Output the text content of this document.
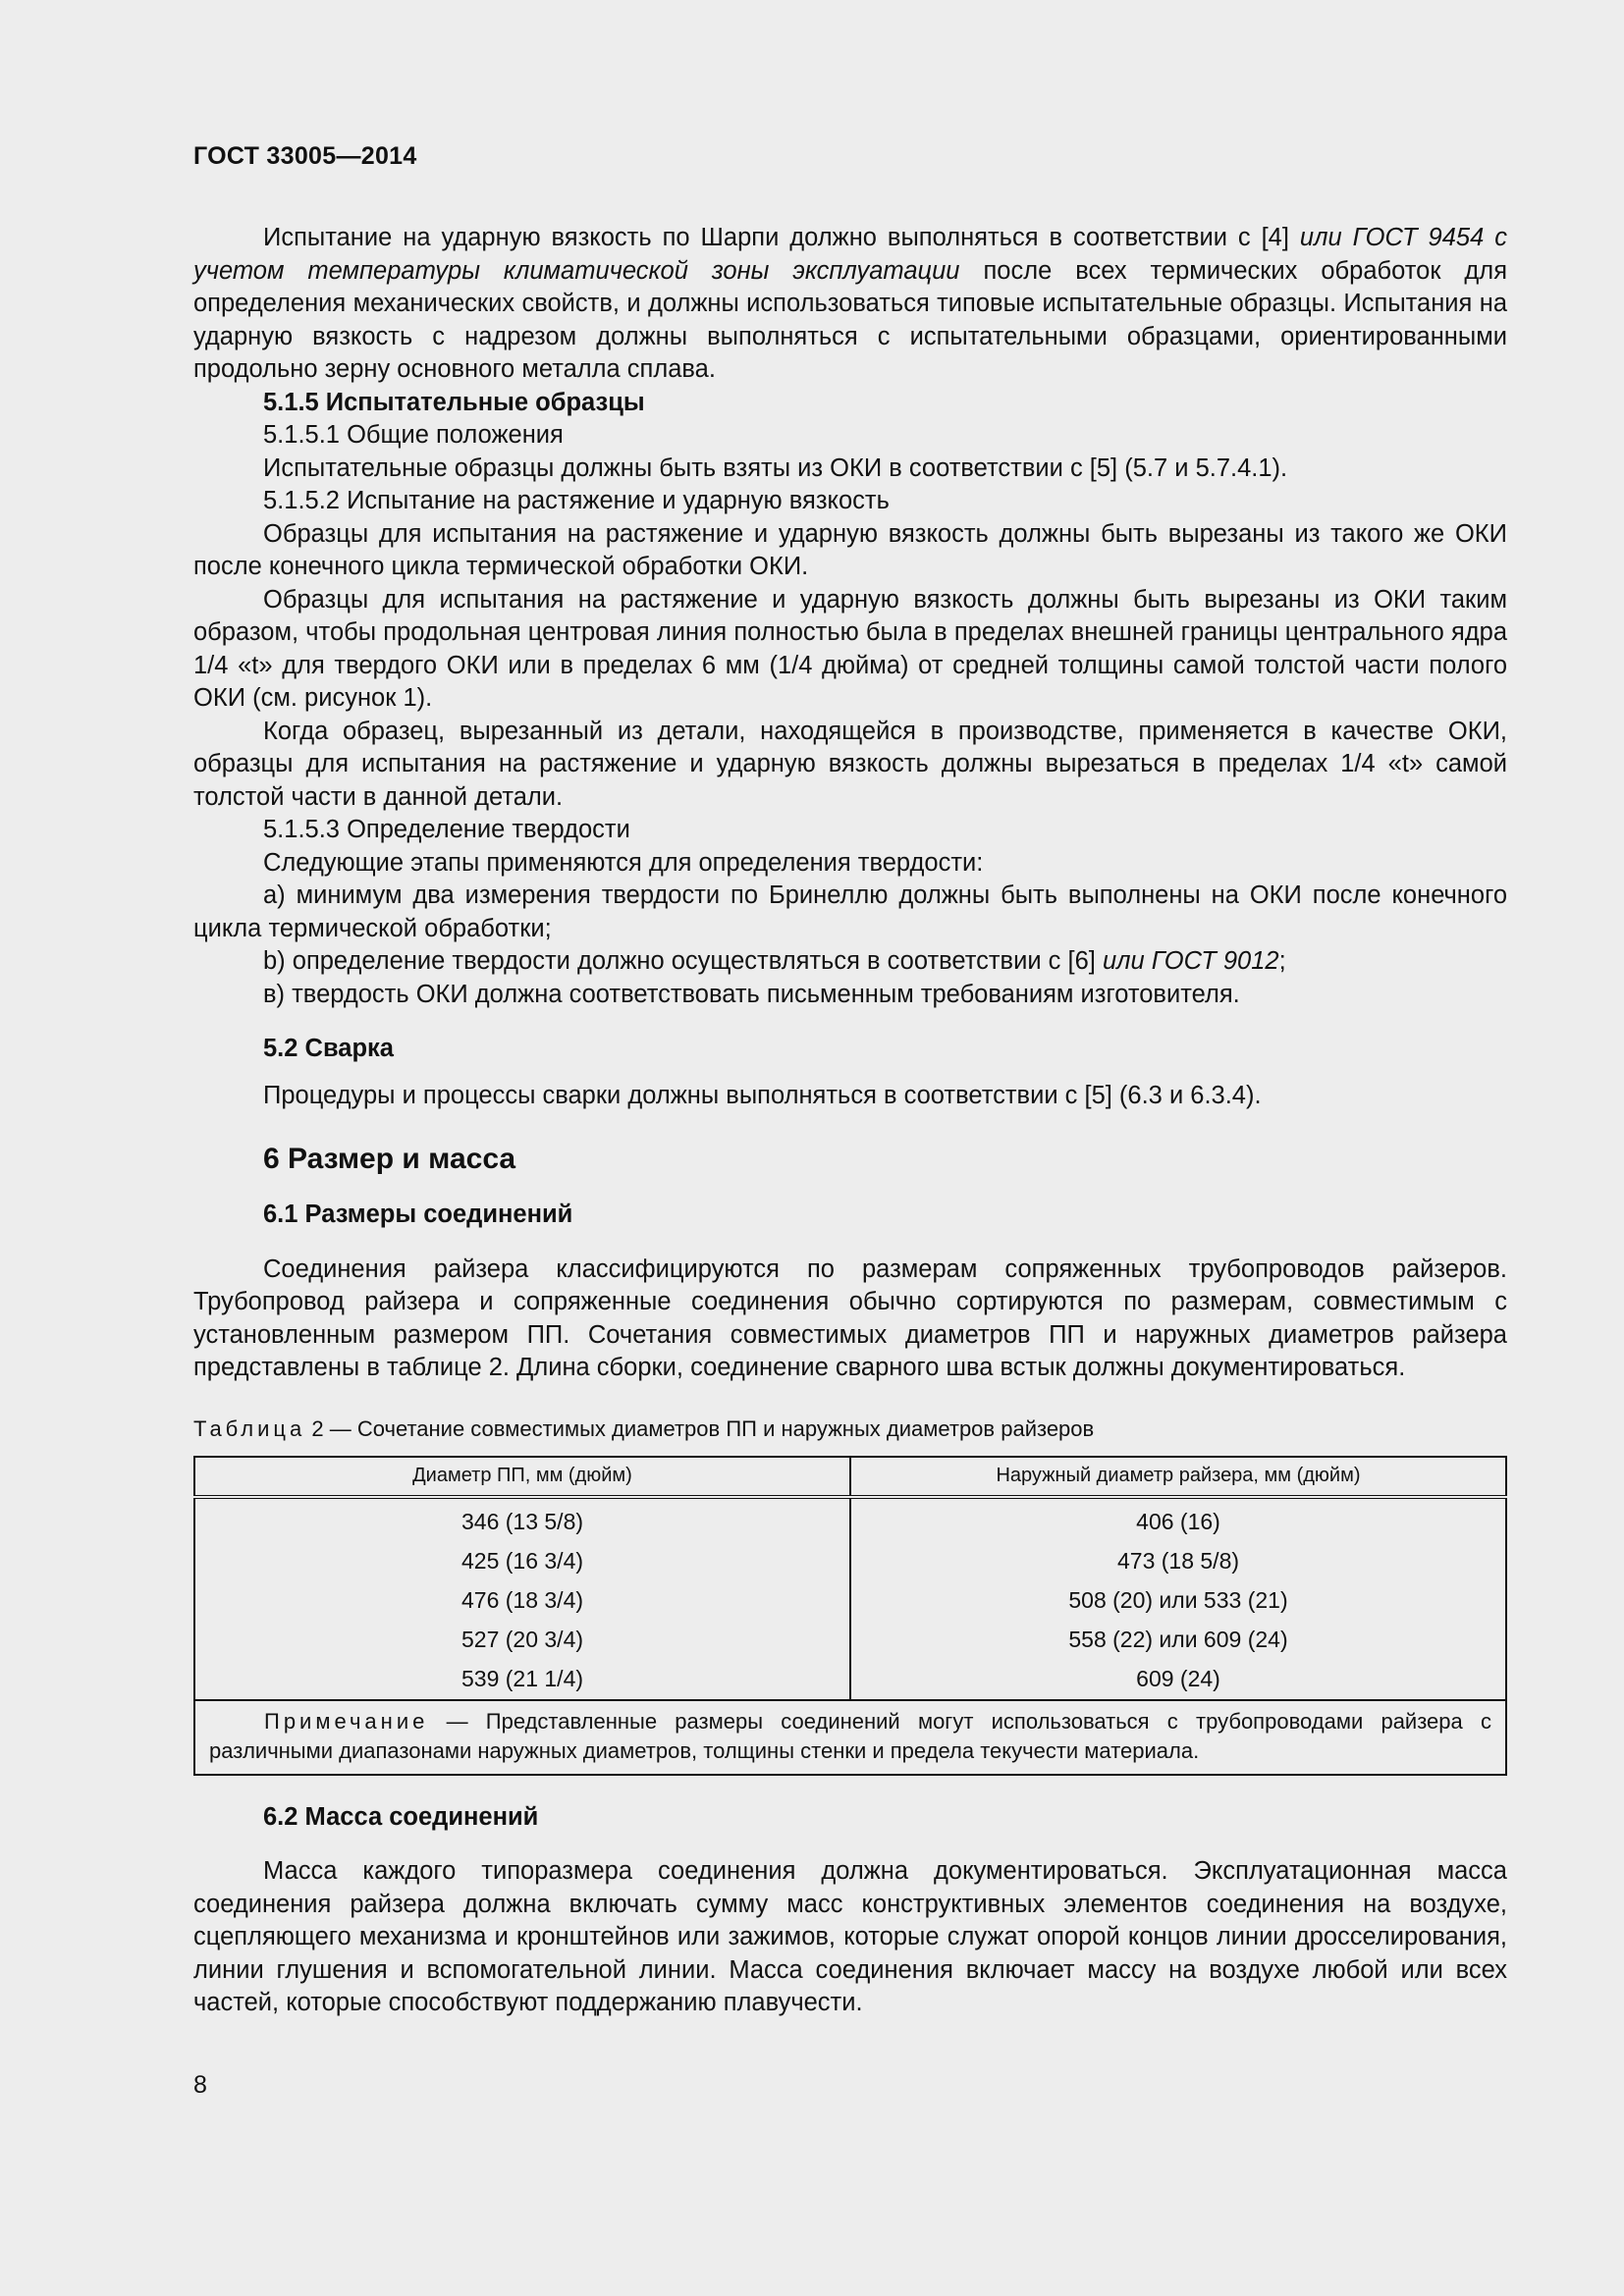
ГОСТ 33005—2014

Испытание на ударную вязкость по Шарпи должно выполняться в соответствии с [4] или ГОСТ 9454 с учетом температуры климатической зоны эксплуатации после всех термических обработок для определения механических свойств, и должны использоваться типовые испытательные образцы. Испытания на ударную вязкость с надрезом должны выполняться с испытательными образцами, ориентированными продольно зерну основного металла сплава.

5.1.5 Испытательные образцы

5.1.5.1 Общие положения

Испытательные образцы должны быть взяты из ОКИ в соответствии с [5] (5.7 и 5.7.4.1).

5.1.5.2 Испытание на растяжение и ударную вязкость

Образцы для испытания на растяжение и ударную вязкость должны быть вырезаны из такого же ОКИ после конечного цикла термической обработки ОКИ.

Образцы для испытания на растяжение и ударную вязкость должны быть вырезаны из ОКИ таким образом, чтобы продольная центровая линия полностью была в пределах внешней границы центрального ядра 1/4 «t» для твердого ОКИ или в пределах 6 мм (1/4 дюйма) от средней толщины самой толстой части полого ОКИ (см. рисунок 1).

Когда образец, вырезанный из детали, находящейся в производстве, применяется в качестве ОКИ, образцы для испытания на растяжение и ударную вязкость должны вырезаться в пределах 1/4 «t» самой толстой части в данной детали.

5.1.5.3 Определение твердости

Следующие этапы применяются для определения твердости:

а) минимум два измерения твердости по Бринеллю должны быть выполнены на ОКИ после конечного цикла термической обработки;

b) определение твердости должно осуществляться в соответствии с [6] или ГОСТ 9012;

в) твердость ОКИ должна соответствовать письменным требованиям изготовителя.

5.2 Сварка

Процедуры и процессы сварки должны выполняться в соответствии с [5] (6.3 и 6.3.4).

6 Размер и масса

6.1 Размеры соединений

Соединения райзера классифицируются по размерам сопряженных трубопроводов райзеров. Трубопровод райзера и сопряженные соединения обычно сортируются по размерам, совместимым с установленным размером ПП. Сочетания совместимых диаметров ПП и наружных диаметров райзера представлены в таблице 2. Длина сборки, соединение сварного шва встык должны документироваться.

Таблица 2 — Сочетание совместимых диаметров ПП и наружных диаметров райзеров
Диаметр ПП, мм (дюйм)	Наружный диаметр райзера, мм (дюйм)
346 (13 5/8)	406 (16)
425 (16 3/4)	473 (18 5/8)
476 (18 3/4)	508 (20) или 533 (21)
527 (20 3/4)	558 (22) или 609 (24)
539 (21 1/4)	609 (24)
Примечание — Представленные размеры соединений могут использоваться с трубопроводами райзера с различными диапазонами наружных диаметров, толщины стенки и предела текучести материала.	

6.2 Масса соединений

Масса каждого типоразмера соединения должна документироваться. Эксплуатационная масса соединения райзера должна включать сумму масс конструктивных элементов соединения на воздухе, сцепляющего механизма и кронштейнов или зажимов, которые служат опорой концов линии дросселирования, линии глушения и вспомогательной линии. Масса соединения включает массу на воздухе любой или всех частей, которые способствуют поддержанию плавучести.

8
